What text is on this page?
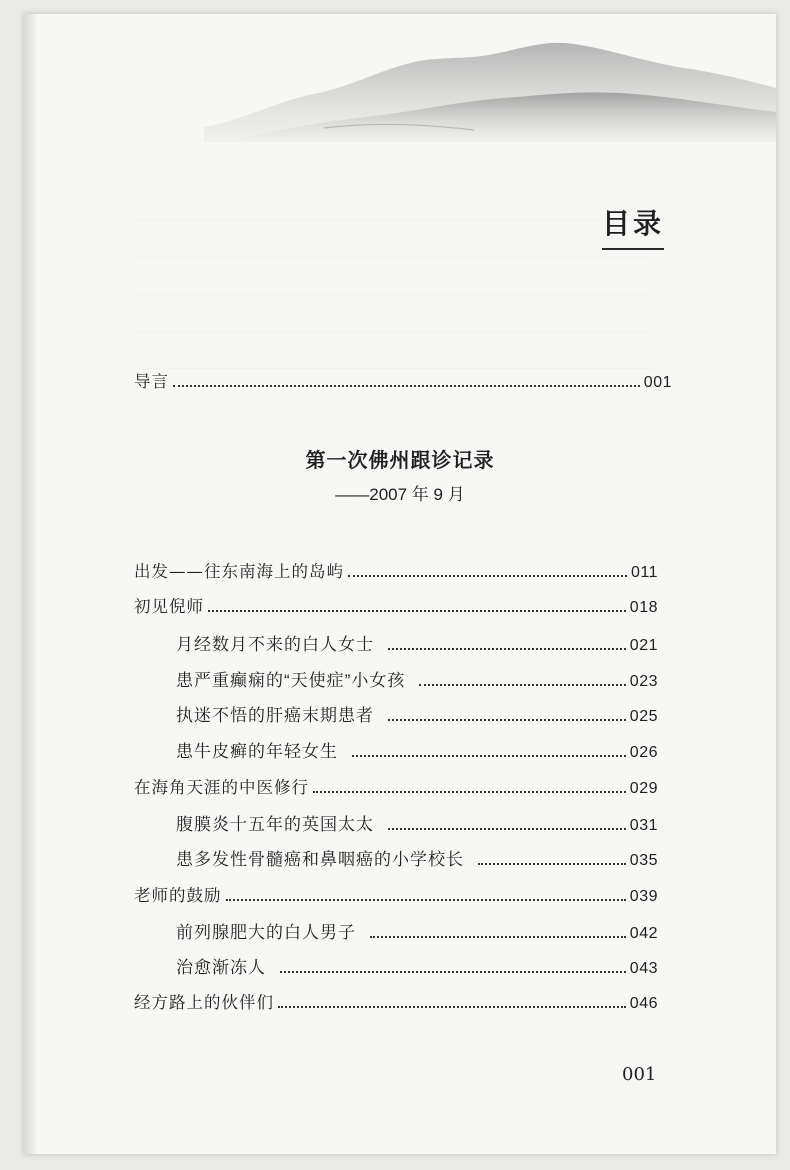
目录
导言	001
第一次佛州跟诊记录
——2007 年 9 月
出发——往东南海上的岛屿	011
初见倪师	018
月经数月不来的白人女士	021
患严重癫痫的“天使症”小女孩	023
执迷不悟的肝癌末期患者	025
患牛皮癣的年轻女生	026
在海角天涯的中医修行	029
腹膜炎十五年的英国太太	031
患多发性骨髓癌和鼻咽癌的小学校长	035
老师的鼓励	039
前列腺肥大的白人男子	042
治愈渐冻人	043
经方路上的伙伴们	046
001
